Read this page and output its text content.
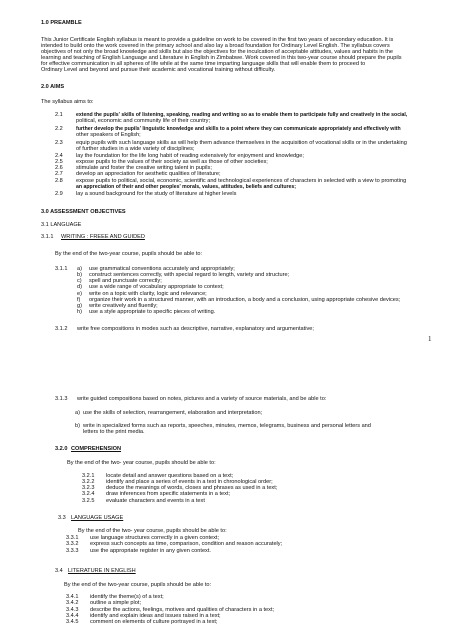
1.0 PREAMBLE
This Junior Certificate English syllabus is meant to provide a guideline on work to be covered in the first two years of secondary education. It is
intended to build onto the work covered in the primary school and also lay a broad foundation for Ordinary Level English. The syllabus covers
objectives of not only the broad knowledge and skills but also the objectives for the inculcation of acceptable attitudes, values and habits in the
learning and teaching of English Language and Literature in English in Zimbabwe. Work covered in this two-year course should prepare the pupils
for effective communication in all spheres of life while at the same time imparting language skills that will enable them to proceed to
Ordinary Level and beyond and pursue their academic and vocational training without difficulty.
2.0 AIMS
The syllabus aims to:
2.1	extend the pupils' skills of listening, speaking, reading and writing so as to enable them to participate fully and creatively in the social,
political, economic and community life of their country;
2.2	further develop the pupils' linguistic knowledge and skills to a point where they can communicate appropriately and effectively with
other speakers of English;
2.3 equip pupils with such language skills as will help them advance themselves in the acquisition of vocational skills or in the undertaking
of further studies in a wide variety of disciplines;
2.4 lay the foundation for the life long habit of reading extensively for enjoyment and knowledge;
2.5 expose pupils to the values of their society as well as those of other societies;
2.6 stimulate and foster the creative writing talent in pupils;
2.7 develop an appreciation for aesthetic qualities of literature;
2.8 expose pupils to political, social, economic, scientific and technological experiences of characters in selected with a view to promoting
an appreciation of their and other peoples' morals, values, attitudes, beliefs and cultures;
2.9 lay a sound background for the study of literature at higher levels
3.0 ASSESSMENT OBJECTIVES
3.1 LANGUAGE
3.1.1 WRITING : FREEE AND GUIDED
By the end of the two-year course, pupils should be able to:
3.1.1 a) use grammatical conventions accurately and appropriately;
b) construct sentences correctly, with special regard to length, variety and structure;
c) spell and punctuate correctly;
d) use a wide range of vocabulary appropriate to context;
e) write on a topic with clarity, logic and relevance;
f) organize their work in a structured manner, with an introduction, a body and a conclusion, using appropriate cohesive devices;
g) write creatively and fluently;
h) use a style appropriate to specific pieces of writing.
3.1.2 write free compositions in modes such as descriptive, narrative, explanatory and argumentative;
1
3.1.3 write guided compositions based on notes, pictures and a variety of source materials, and be able to:
a) use the skills of selection, rearrangement, elaboration and interpretation;
b) write in specialized forms such as reports, speeches, minutes, memos, telegrams, business and personal letters and
letters to the print media.
3.2.0 COMPREHENSION
By the end of the two- year course, pupils should be able to:
3.2.1 locate detail and answer questions based on a text;
3.2.2 identify and place a series of events in a text in chronological order;
3.2.3 deduce the meanings of words, closes and phrases as used in a text;
3.2.4 draw inferences from specific statements in a text;
3.2.5 evaluate characters and events in a text
3.3 LANGUAGE USAGE
By the end of the two- year course, pupils should be able to:
3.3.1 use language structures correctly in a given context;
3.3.2 express such concepts as time, comparison, condition and reason accurately;
3.3.3 use the appropriate register in any given context.
3.4 LITERATURE IN ENGLISH
By the end of the two-year course, pupils should be able to:
3.4.1 identify the theme(s) of a text;
3.4.2 outline a simple plot;
3.4.3 describe the actions, feelings, motives and qualities of characters in a text;
3.4.4 identify and explain ideas and issues raised in a text;
3.4.5 comment on elements of culture portrayed in a text;
